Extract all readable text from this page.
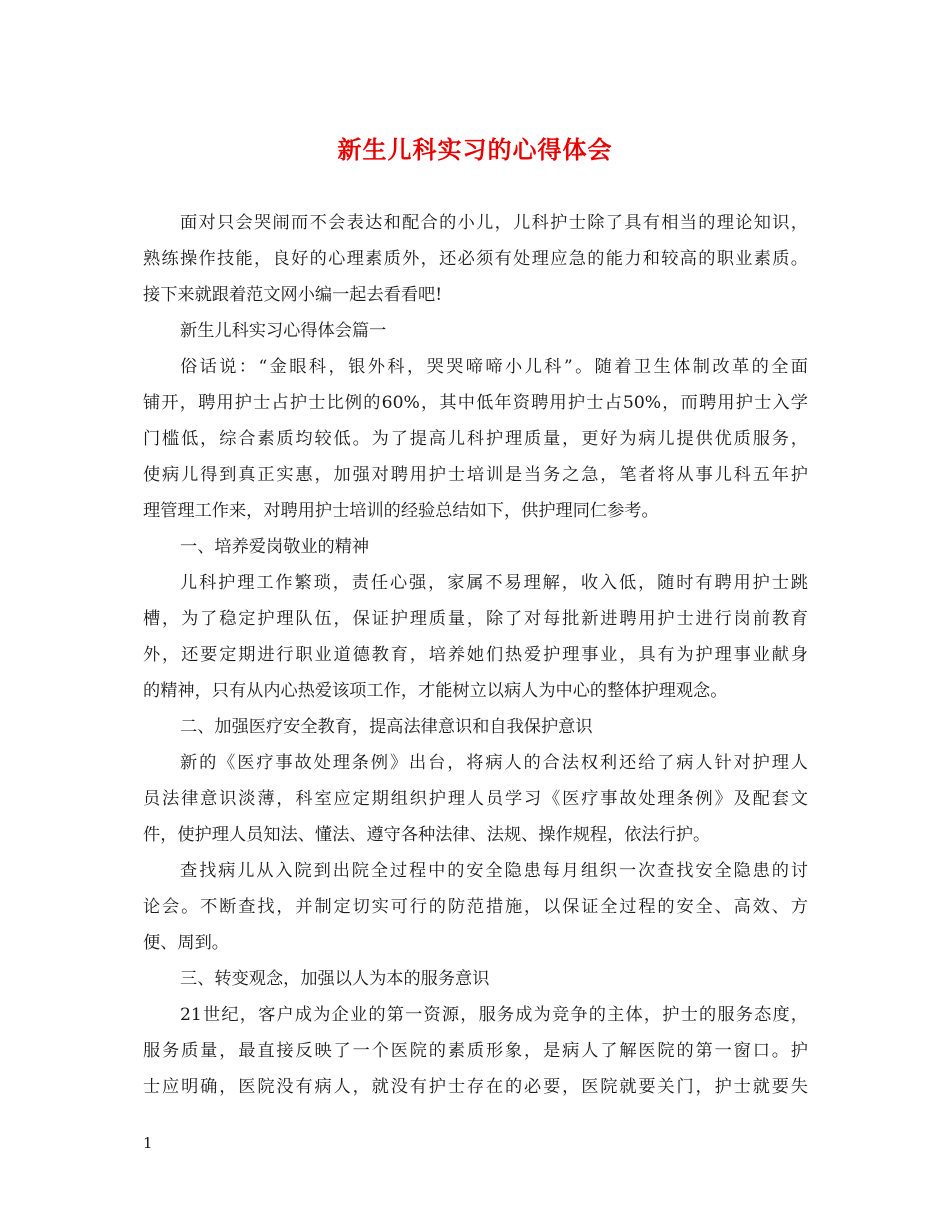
新生儿科实习的心得体会
面对只会哭闹而不会表达和配合的小儿，儿科护士除了具有相当的理论知识，
熟练操作技能，良好的心理素质外，还必须有处理应急的能力和较高的职业素质。
接下来就跟着范文网小编一起去看看吧!
新生儿科实习心得体会篇一
俗话说：“金眼科，银外科，哭哭啼啼小儿科”。随着卫生体制改革的全面
铺开，聘用护士占护士比例的60%，其中低年资聘用护士占50%，而聘用护士入学
门槛低，综合素质均较低。为了提高儿科护理质量，更好为病儿提供优质服务，
使病儿得到真正实惠，加强对聘用护士培训是当务之急，笔者将从事儿科五年护
理管理工作来，对聘用护士培训的经验总结如下，供护理同仁参考。
一、培养爱岗敬业的精神
儿科护理工作繁琐，责任心强，家属不易理解，收入低，随时有聘用护士跳
槽，为了稳定护理队伍，保证护理质量，除了对每批新进聘用护士进行岗前教育
外，还要定期进行职业道德教育，培养她们热爱护理事业，具有为护理事业献身
的精神，只有从内心热爱该项工作，才能树立以病人为中心的整体护理观念。
二、加强医疗安全教育，提高法律意识和自我保护意识
新的《医疗事故处理条例》出台，将病人的合法权利还给了病人针对护理人
员法律意识淡薄，科室应定期组织护理人员学习《医疗事故处理条例》及配套文
件，使护理人员知法、懂法、遵守各种法律、法规、操作规程，依法行护。
查找病儿从入院到出院全过程中的安全隐患每月组织一次查找安全隐患的讨
论会。不断查找，并制定切实可行的防范措施，以保证全过程的安全、高效、方
便、周到。
三、转变观念，加强以人为本的服务意识
21世纪，客户成为企业的第一资源，服务成为竞争的主体，护士的服务态度，
服务质量，最直接反映了一个医院的素质形象，是病人了解医院的第一窗口。护
士应明确，医院没有病人，就没有护士存在的必要，医院就要关门，护士就要失
1
